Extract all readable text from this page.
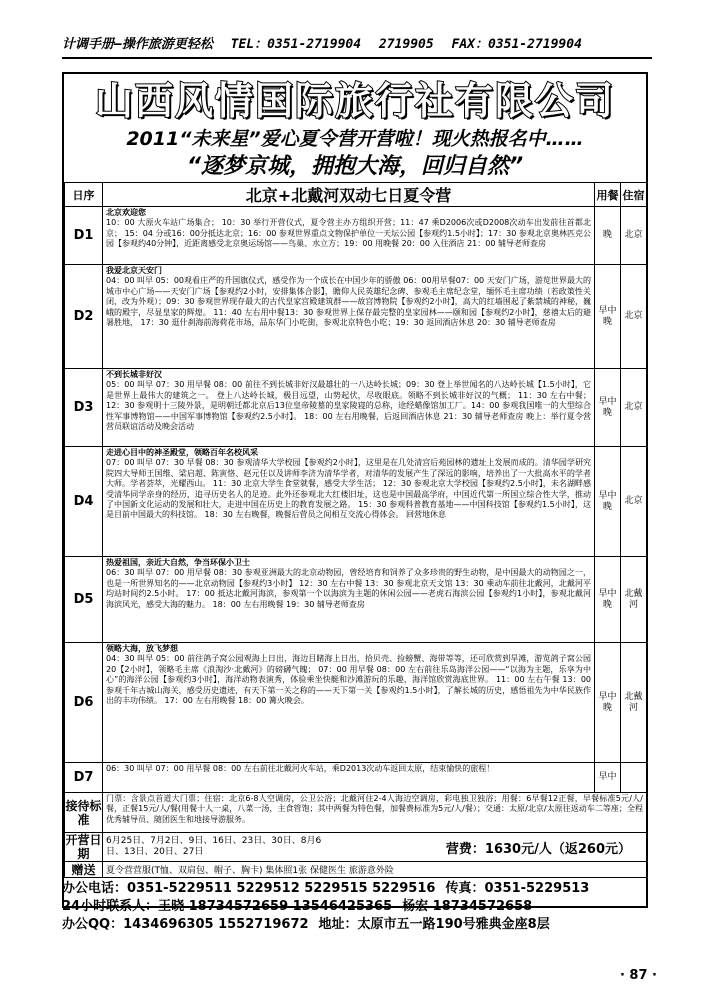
计调手册—操作旅游更轻松 TEL：0351-2719904 2719905 FAX：0351-2719904
山西风情国际旅行社有限公司
2011“未来星”爱心夏令营开营啦！现火热报名中……
“逐梦京城，拥抱大海，回归自然”
日序	北京+北戴河双动七日夏令营	用餐	住宿
D1	北京欢迎您
10：00 大原火车站广场集合； 10：30 举行开营仪式，夏令营主办方组织开营；11：47 乘D2006次或D2008次动车出发前往首都北京； 15：04 分或16：00分抵达北京；16：00 参观世界重点文物保护单位一天坛公园【参观约1.5小时】；17：30 参观北京奥林匹克公园【参观约40分钟】，近距离感受北京奥运场馆——鸟巢、水立方；19：00 用晚餐 20：00 入住酒店 21：00 辅导老师查房	晚	北京
D2	我爱北京天安门
04：00 叫早 05：00观看庄严的升国旗仪式，感受作为一个成长在中国少年的骄傲 06：00用早餐07：00 天安门广场，游览世界最大的城市中心广场——天安门广场【参观约2小时，安排集体合影】，瞻仰人民英雄纪念碑、参观毛主席纪念堂，缅怀毛主席功绩（若政策性关闭，改为外观）；09：30 参观世界现存最大的古代皇家宫殿建筑群——故宫博物院【参观约2小时】，高大的红墙围起了紫禁城的神秘，巍峨的殿宇，尽显皇家的辉煌。 11：40 左右用中餐13：30 参观世界上保存最完整的皇家园林——颐和园【参观约2小时】，慈禧太后的避暑胜地， 17：30 逛什刹海前海荷花市场，品东华门小吃街，参观北京特色小吃；19：30 返回酒店休息 20：30 辅导老师查房	早中晚	北京
D3	不到长城非好汉
05：00 叫早 07：30 用早餐 08：00 前往不到长城非好汉最雄壮的一八达岭长城；09：30 登上举世闻名的八达岭长城【1.5小时】，它是世界上最伟大的建筑之一。 登上八达岭长城，极目远望，山势起伏，尽收眼底。领略不到长城非好汉的气概； 11：30 左右中餐；12：30 参观明十三陵外景，是明朝迁都北京后13位皇帝陵墓的皇家陵寝的总称，途经蜡像馆加工厂。14：00 参观我国唯一的大型综合性军事博物馆——中国军事博物馆【参观约2.5小时】。 18：00 左右用晚餐，后返回酒店休息 21：30 辅导老师查房 晚上：举行夏令营营员联谊活动及晚会活动	早中晚	北京
D4	走进心目中的神圣殿堂，领略百年名校风采
07：00 叫早 07：30 早餐 08：30 参观清华大学校园【参观约2小时】，这里是在几处清宫后苑园林的遗址上发展而成的。清华园学研究院四大导师王国维、梁启超、陈寅恪、赵元任以及讲师李济为清华学者，对清华的发展产生了深远的影响，培养出了一大批高水平的学者大师。学者荟萃，光耀西山。 11：30 北京大学生食堂就餐，感受大学生活； 12：30 参观北京大学校园【参观约2.5小时】，未名湖畔感受清华同学亲身的经历，追寻历史名人的足迹。此外还参观北大红楼旧址，这也是中国最高学府，中国近代第一所国立综合性大学，推动了中国新文化运动的发展和壮大，走进中国在历史上的教育发展之路。 15：30 参观科普教育基地——中国科技馆【参观约1.5小时】，这是目前中国最大的科技馆。 18：30 左右晚餐，晚餐后营员之间相互交流心得体会。 回营地休息	早中晚	北京
D5	热爱祖国，亲近大自然，争当环保小卫士
06：30 叫早 07：00 用早餐 08：30 参观亚洲最大的北京动物园，曾经培育和饲养了众多珍贵的野生动物，是中国最大的动物园之一，也是一所世界知名的——北京动物园【参观约3小时】 12：30 左右中餐 13：30 参观北京天文馆 13：30 乘动车前往北戴河，北戴河平均站时间约2.5小时。 17：00 抵达北戴河海滨，参观第一个以海滨为主题的休闲公园——老虎石海滨公园【参观约1小时】，参观北戴河海滨风光，感受大海的魅力。 18：00 左右用晚餐 19：30 辅导老师查房	早中晚	北戴河
D6	领略大海，放飞梦想
04：30 叫早 05：00 前往鸽子窝公园观海上日出，海边目睹海上日出，拾贝壳、捡螃蟹、海带等等，还可欣赏到旱滩，游览鸽子窝公园20【2小时】，领略毛主席《浪淘沙·北戴河》的磅礴气魄； 07：00 用早餐 08：00 左右前往乐岛海洋公园——“以海为主题，乐享为中心”的海洋公园【参观约3小时】，海洋动物表演秀，体验乘坐快艇和沙滩游玩的乐趣，海洋馆欣赏海底世界。 11：00 左右午餐 13：00 参观千年古城山海关，感受历史遗迹，有天下第一关之称的——天下第一关【参观约1.5小时】，了解长城的历史，感悟祖先为中华民族作出的丰功伟绩。 17：00 左右用晚餐 18：00 篝火晚会。	早中晚	北戴河
D7	06：30 叫早 07：00 用早餐 08：00 左右前往北戴河火车站，乘D2013次动车返回太原，结束愉快的旅程！	早中	
接待标准	门票：含景点首道大门票；住宿：北京6-8人空调房，公卫公浴；北戴河住2-4人海边空调房，彩电独卫独浴；用餐：6早餐12正餐，早餐标准5元/人/餐，正餐15元/人/餐(用餐十人一桌，八菜一汤，主食管饱；其中两餐为特色餐，加餐费标准为5元/人/餐）；交通：太原/北京/太原往返动车二等座；全程优秀辅导员、随团医生和地接导游服务。		
开营日期	6月25日、7月2日、9日、16日、23日、30日、8月6日、13日、20日、27日 营费：1630元/人（返260元）		

赠送	夏令营营服(T恤、双肩包、帽子、胸卡) 集体照1张 保健医生 旅游意外险		
办公电话：0351-5229511 5229512 5229515 5229516 传真：0351-5229513
24小时联系人：王晓 18734572659 13546425365 杨宏 18734572658
办公QQ：1434696305 1552719672 地址：太原市五一路190号雅典金座8层
· 87 ·
